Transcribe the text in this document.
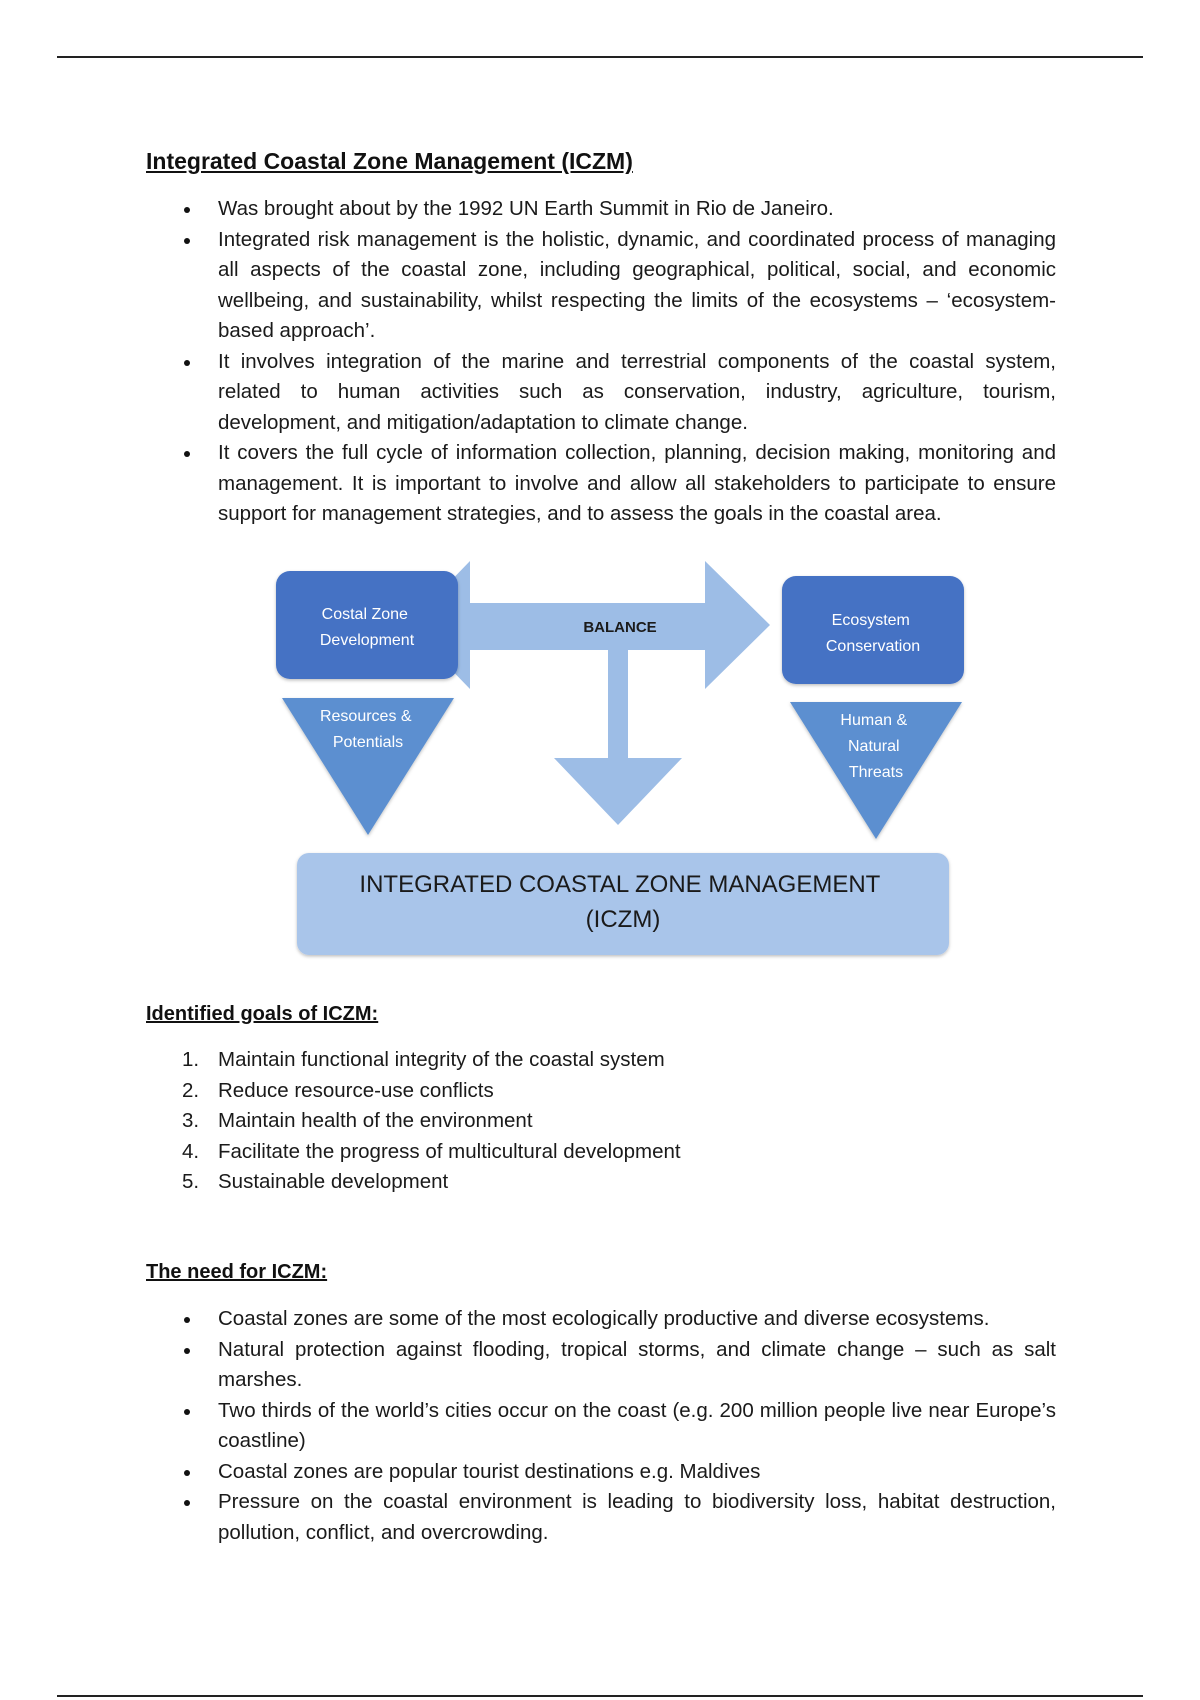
Integrated Coastal Zone Management (ICZM)
Was brought about by the 1992 UN Earth Summit in Rio de Janeiro.
Integrated risk management is the holistic, dynamic, and coordinated process of managing all aspects of the coastal zone, including geographical, political, social, and economic wellbeing, and sustainability, whilst respecting the limits of the ecosystems – ‘ecosystem-based approach’.
It involves integration of the marine and terrestrial components of the coastal system, related to human activities such as conservation, industry, agriculture, tourism, development, and mitigation/adaptation to climate change.
It covers the full cycle of information collection, planning, decision making, monitoring and management. It is important to involve and allow all stakeholders to participate to ensure support for management strategies, and to assess the goals in the coastal area.
BALANCE
Costal Zone Development
Ecosystem Conservation
Resources & Potentials
Human & Natural Threats
INTEGRATED COASTAL ZONE MANAGEMENT (ICZM)
Identified goals of ICZM:
1. Maintain functional integrity of the coastal system
2. Reduce resource-use conflicts
3. Maintain health of the environment
4. Facilitate the progress of multicultural development
5. Sustainable development
The need for ICZM:
Coastal zones are some of the most ecologically productive and diverse ecosystems.
Natural protection against flooding, tropical storms, and climate change – such as salt marshes.
Two thirds of the world’s cities occur on the coast (e.g. 200 million people live near Europe’s coastline)
Coastal zones are popular tourist destinations e.g. Maldives
Pressure on the coastal environment is leading to biodiversity loss, habitat destruction, pollution, conflict, and overcrowding.
